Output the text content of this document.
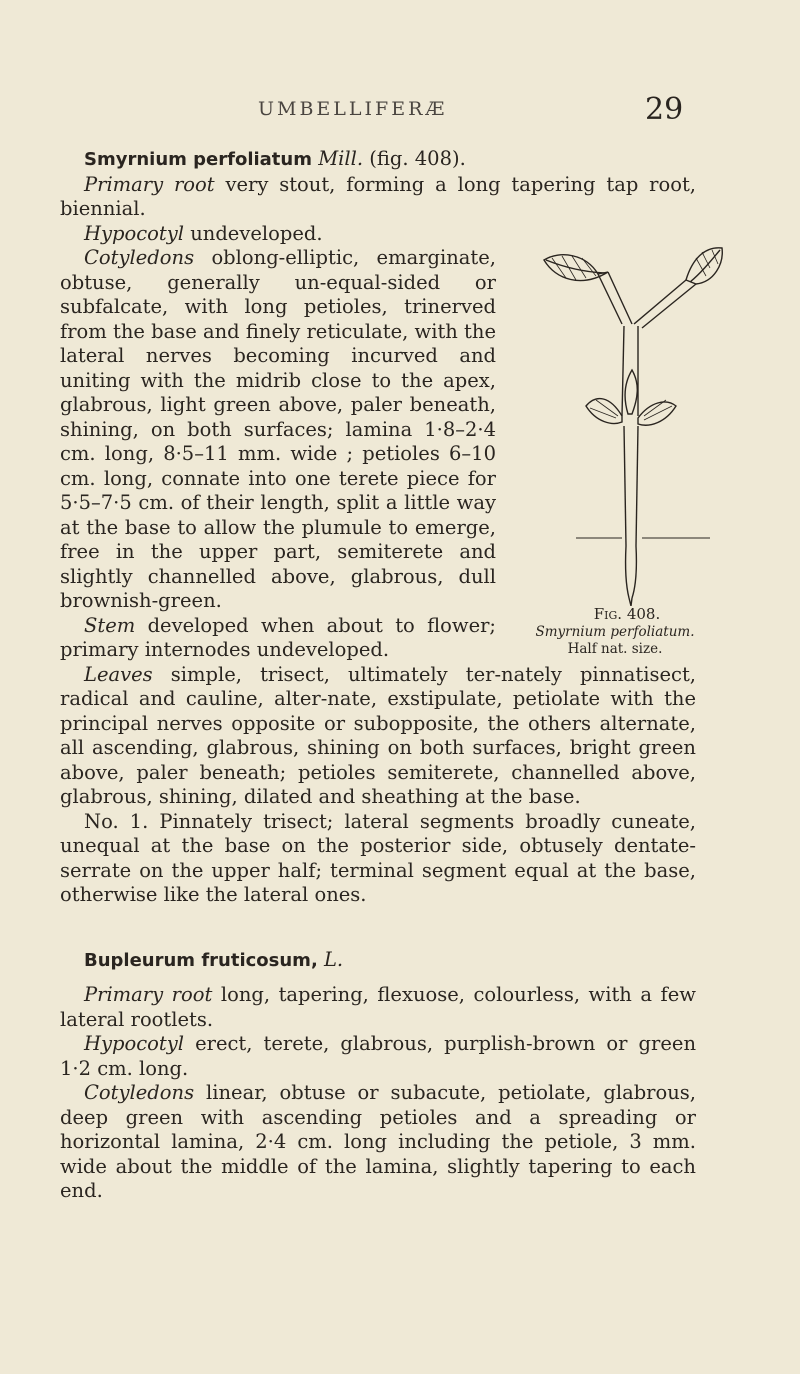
UMBELLIFERÆ	29

Smyrnium perfoliatum Mill. (fig. 408).

Primary root very stout, forming a long tapering tap root, biennial.

Hypocotyl undeveloped.

Fig. 408.
Smyrnium perfoliatum.
Half nat. size.
Cotyledons oblong-elliptic, emarginate, obtuse, generally un-equal-sided or subfalcate, with long petioles, trinerved from the base and finely reticulate, with the lateral nerves becoming incurved and uniting with the midrib close to the apex, glabrous, light green above, paler beneath, shining, on both surfaces; lamina 1·8–2·4 cm. long, 8·5–11 mm. wide ; petioles 6–10 cm. long, connate into one terete piece for 5·5–7·5 cm. of their length, split a little way at the base to allow the plumule to emerge, free in the upper part, semiterete and slightly channelled above, glabrous, dull brownish-green.

Stem developed when about to flower; primary internodes undeveloped.

Leaves simple, trisect, ultimately ter-nately pinnatisect, radical and cauline, alter-nate, exstipulate, petiolate with the principal nerves opposite or subopposite, the others alternate, all ascending, glabrous, shining on both surfaces, bright green above, paler beneath; petioles semiterete, channelled above, glabrous, shining, dilated and sheathing at the base.

No. 1. Pinnately trisect; lateral segments broadly cuneate, unequal at the base on the posterior side, obtusely dentate-serrate on the upper half; terminal segment equal at the base, otherwise like the lateral ones.

Bupleurum fruticosum, L.

Primary root long, tapering, flexuose, colourless, with a few lateral rootlets.

Hypocotyl erect, terete, glabrous, purplish-brown or green 1·2 cm. long.

Cotyledons linear, obtuse or subacute, petiolate, glabrous, deep green with ascending petioles and a spreading or horizontal lamina, 2·4 cm. long including the petiole, 3 mm. wide about the middle of the lamina, slightly tapering to each end.
